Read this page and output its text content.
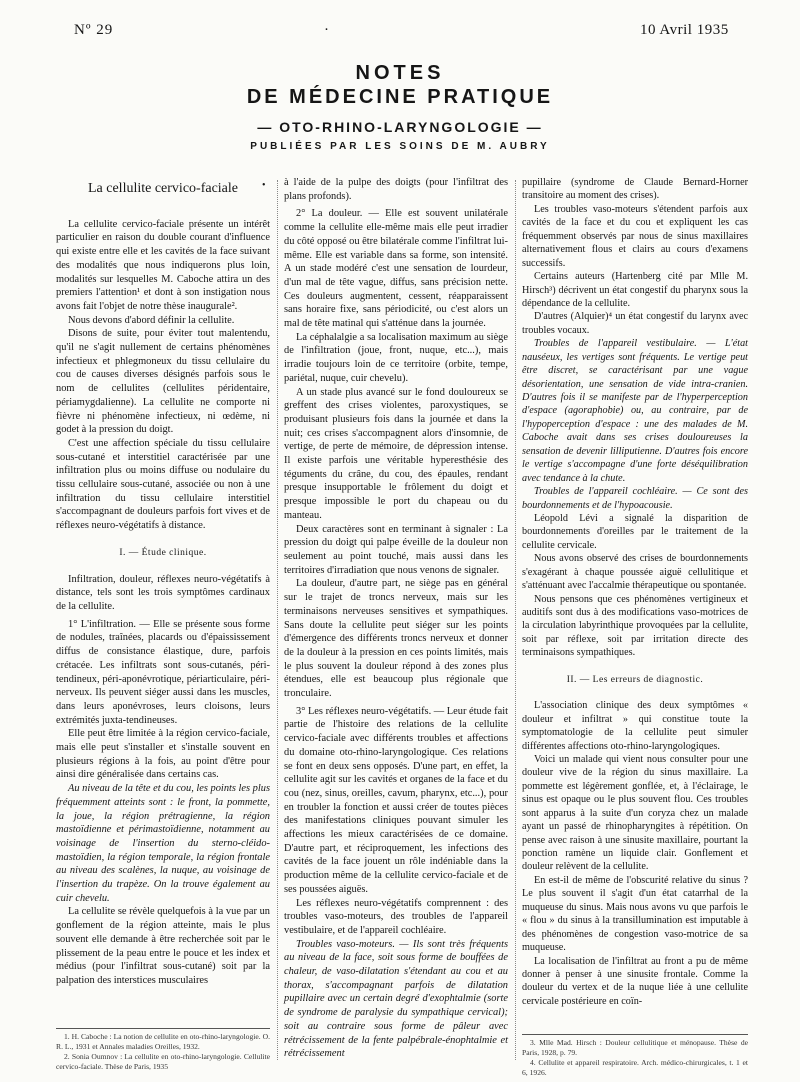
Nº 29	·	10 Avril 1935
NOTES
DE MÉDECINE PRATIQUE
— OTO-RHINO-LARYNGOLOGIE —
PUBLIÉES PAR LES SOINS DE M. AUBRY
•
La cellulite cervico-faciale

La cellulite cervico-faciale présente un intérêt particulier en raison du double courant d'influence qui existe entre elle et les cavités de la face suivant des modalités que nous indiquerons plus loin, modalités sur lesquelles M. Caboche attira un des premiers l'attention¹ et dont à son instigation nous avons fait l'objet de notre thèse inaugurale².

Nous devons d'abord définir la cellulite.

Disons de suite, pour éviter tout malentendu, qu'il ne s'agit nullement de certains phénomènes infectieux et phlegmoneux du tissu cellulaire du cou de causes diverses désignés parfois sous le nom de cellulites (cellulites péridentaire, périamygdalienne). La cellulite ne comporte ni fièvre ni phénomène infectieux, ni œdème, ni godet à la pression du doigt.

C'est une affection spéciale du tissu cellulaire sous-cutané et interstitiel caractérisée par une infiltration plus ou moins diffuse ou nodulaire du tissu cellulaire sous-cutané, associée ou non à une infiltration du tissu cellulaire interstitiel s'accompagnant de douleurs parfois fort vives et de réflexes neuro-végétatifs à distance.

I. — Étude clinique.

Infiltration, douleur, réflexes neuro-végétatifs à distance, tels sont les trois symptômes cardinaux de la cellulite.

1° L'infiltration. — Elle se présente sous forme de nodules, traînées, placards ou d'épaississement diffus de consistance élastique, dure, parfois crétacée. Les infiltrats sont sous-cutanés, péri-tendineux, péri-aponévrotique, périarticulaire, péri-nerveux. Ils peuvent siéger aussi dans les muscles, dans leurs aponévroses, leurs cloisons, leurs extrémités juxta-tendineuses.

Elle peut être limitée à la région cervico-faciale, mais elle peut s'installer et s'installe souvent en plusieurs régions à la fois, au point d'être pour ainsi dire généralisée dans certains cas.

Au niveau de la tête et du cou, les points les plus fréquemment atteints sont : le front, la pommette, la joue, la région prétragienne, la région mastoïdienne et périmastoïdienne, notamment au voisinage de l'insertion du sterno-cléido-mastoïdien, la région temporale, la région frontale au niveau des scalènes, la nuque, au voisinage de l'insertion du trapèze. On la trouve également au cuir chevelu.

La cellulite se révèle quelquefois à la vue par un gonflement de la région atteinte, mais le plus souvent elle demande à être recherchée soit par le plissement de la peau entre le pouce et les index et médius (pour l'infiltrat sous-cutané) soit par la palpation des interstices musculaires

à l'aide de la pulpe des doigts (pour l'infiltrat des plans profonds).

2° La douleur. — Elle est souvent unilatérale comme la cellulite elle-même mais elle peut irradier du côté opposé ou être bilatérale comme l'infiltrat lui-même. Elle est variable dans sa forme, son intensité. A un stade modéré c'est une sensation de lourdeur, d'un mal de tête vague, diffus, sans précision nette. Ces douleurs augmentent, cessent, réapparaissent sans horaire fixe, sans périodicité, ou c'est alors un mal de tête matinal qui s'atténue dans la journée.

La céphalalgie a sa localisation maximum au siège de l'infiltration (joue, front, nuque, etc...), mais irradie toujours loin de ce territoire (orbite, tempe, pariétal, nuque, cuir chevelu).

A un stade plus avancé sur le fond douloureux se greffent des crises violentes, paroxystiques, se produisant plusieurs fois dans la journée et dans la nuit; ces crises s'accompagnent alors d'insomnie, de vertige, de perte de mémoire, de dépression intense. Il existe parfois une véritable hyperesthésie des téguments du crâne, du cou, des épaules, rendant presque insupportable le frôlement du doigt et presque impossible le port du chapeau ou du manteau.

Deux caractères sont en terminant à signaler : La pression du doigt qui palpe éveille de la douleur non seulement au point touché, mais aussi dans les territoires d'irradiation que nous venons de signaler.

La douleur, d'autre part, ne siège pas en général sur le trajet de troncs nerveux, mais sur les terminaisons nerveuses sensitives et sympathiques. Sans doute la cellulite peut siéger sur les points d'émergence des différents troncs nerveux et donner de la douleur à la pression en ces points limités, mais le plus souvent la douleur répond à des zones plus étendues, elle est beaucoup plus régionale que tronculaire.

3° Les réflexes neuro-végétatifs. — Leur étude fait partie de l'histoire des relations de la cellulite cervico-faciale avec différents troubles et affections du domaine oto-rhino-laryngologique. Ces relations se font en deux sens opposés. D'une part, en effet, la cellulite agit sur les cavités et organes de la face et du cou (nez, sinus, oreilles, cavum, pharynx, etc...), pour en troubler la fonction et aussi créer de toutes pièces des manifestations cliniques pouvant simuler les affections les mieux caractérisées de ce domaine. D'autre part, et réciproquement, les infections des cavités de la face jouent un rôle indéniable dans la production même de la cellulite cervico-faciale et de ses poussées aiguës.

Les réflexes neuro-végétatifs comprennent : des troubles vaso-moteurs, des troubles de l'appareil vestibulaire, et de l'appareil cochléaire.

Troubles vaso-moteurs. — Ils sont très fréquents au niveau de la face, soit sous forme de bouffées de chaleur, de vaso-dilatation s'étendant au cou et au thorax, s'accompagnant parfois de dilatation pupillaire avec un certain degré d'exophtalmie (sorte de syndrome de paralysie du sympathique cervical); soit au contraire sous forme de pâleur avec rétrécissement de la fente palpébrale-énophtalmie et rétrécissement

pupillaire (syndrome de Claude Bernard-Horner transitoire au moment des crises).

Les troubles vaso-moteurs s'étendent parfois aux cavités de la face et du cou et expliquent les cas fréquemment observés par nous de sinus maxillaires alternativement flous et clairs au cours d'examens successifs.

Certains auteurs (Hartenberg cité par Mlle M. Hirsch³) décrivent un état congestif du pharynx sous la dépendance de la cellulite.

D'autres (Alquier)⁴ un état congestif du larynx avec troubles vocaux.

Troubles de l'appareil vestibulaire. — L'état nauséeux, les vertiges sont fréquents. Le vertige peut être discret, se caractérisant par une vague désorientation, une sensation de vide intra-cranien. D'autres fois il se manifeste par de l'hyperperception d'espace (agoraphobie) ou, au contraire, par de l'hypoperception d'espace : une des malades de M. Caboche avait dans ses crises douloureuses la sensation de devenir lilliputienne. D'autres fois encore le vertige s'accompagne d'une forte déséquilibration avec tendance à la chute.

Troubles de l'appareil cochléaire. — Ce sont des bourdonnements et de l'hypoacousie.

Léopold Lévi a signalé la disparition de bourdonnements d'oreilles par le traitement de la cellulite cervicale.

Nous avons observé des crises de bourdonnements s'exagérant à chaque poussée aiguë cellulitique et s'atténuant avec l'accalmie thérapeutique ou spontanée.

Nous pensons que ces phénomènes vertigineux et auditifs sont dus à des modifications vaso-motrices de la circulation labyrinthique provoquées par la cellulite, soit par réflexe, soit par irritation directe des terminaisons sympathiques.

II. — Les erreurs de diagnostic.

L'association clinique des deux symptômes « douleur et infiltrat » qui constitue toute la symptomatologie de la cellulite peut simuler différentes affections oto-rhino-laryngologiques.

Voici un malade qui vient nous consulter pour une douleur vive de la région du sinus maxillaire. La pommette est légèrement gonflée, et, à l'éclairage, le sinus est opaque ou le plus souvent flou. Ces troubles sont apparus à la suite d'un coryza chez un malade ayant un passé de rhinopharyngites à répétition. On pense avec raison à une sinusite maxillaire, pourtant la ponction ramène un liquide clair. Gonflement et douleur relèvent de la cellulite.

En est-il de même de l'obscurité relative du sinus ? Le plus souvent il s'agit d'un état catarrhal de la muqueuse du sinus. Mais nous avons vu que parfois le « flou » du sinus à la transillumination est imputable à des phénomènes de congestion vaso-motrice de sa muqueuse.

La localisation de l'infiltrat au front a pu de même donner à penser à une sinusite frontale. Comme la douleur du vertex et de la nuque liée à une cellulite cervicale postérieure en coïn-

1. H. Caboche : La notion de cellulite en oto-rhino-laryngologie. O. R. L., 1931 et Annales maladies Oreilles, 1932.

2. Sonia Oumnov : La cellulite en oto-rhino-laryngologie. Cellulite cervico-faciale. Thèse de Paris, 1935

3. Mlle Mad. Hirsch : Douleur cellulitique et ménopause. Thèse de Paris, 1928, p. 79.

4. Cellulite et appareil respiratoire. Arch. médico-chirurgicales, t. 1 et 6, 1926.
